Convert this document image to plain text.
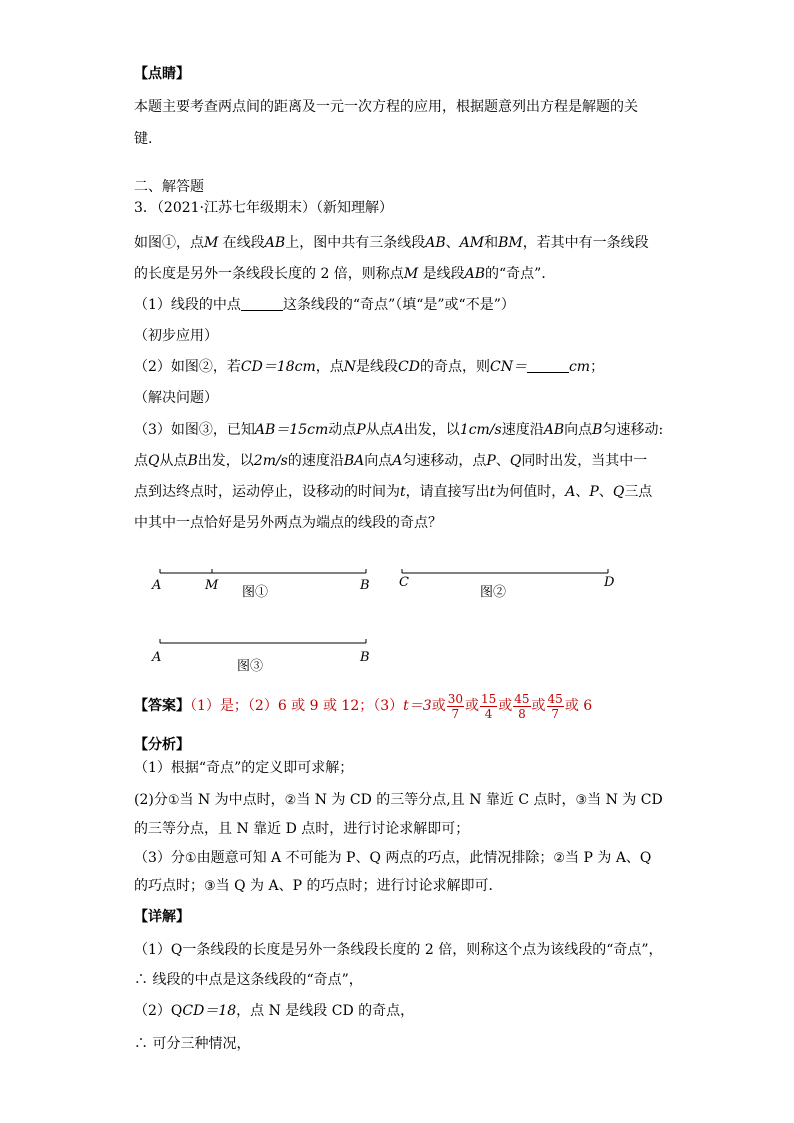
【点睛】
本题主要考查两点间的距离及一元一次方程的应用，根据题意列出方程是解题的关
键.
二、解答题
3．（2021·江苏七年级期末）（新知理解）
如图①，点M 在线段AB上，图中共有三条线段AB、AM和BM，若其中有一条线段
的长度是另外一条线段长度的 2 倍，则称点M 是线段AB的“奇点”．
（1）线段的中点	这条线段的“奇点”（填“是”或“不是”）
（初步应用）
（2）如图②，若CD＝18cm，点N是线段CD的奇点，则CN＝	cm；
（解决问题）
（3）如图③，已知AB＝15cm动点P从点A出发，以1cm/s速度沿AB向点B匀速移动:
点Q从点B出发，以2m/s的速度沿BA向点A匀速移动，点P、Q同时出发，当其中一
点到达终点时，运动停止，设移动的时间为t，请直接写出t为何值时，A、P、Q三点
中其中一点恰好是另外两点为端点的线段的奇点？
A	M	B
图①
C	D
图②
A	B
图③
【答案】（1）是；（2）6 或 9 或 12；（3）t＝3或 $\frac{30}{7}$ 或 $\frac{15}{4}$ 或 $\frac{45}{8}$ 或 $\frac{45}{7}$ 或 6
【分析】
（1）根据“奇点”的定义即可求解；
(2)分①当 N 为中点时，②当 N 为 CD 的三等分点,且 N 靠近 C 点时，③当 N 为 CD
的三等分点，且 N 靠近 D 点时，进行讨论求解即可；
（3）分①由题意可知 A 不可能为 P、Q 两点的巧点，此情况排除；②当 P 为 A、Q
的巧点时；③当 Q 为 A、P 的巧点时；进行讨论求解即可．
【详解】
（1）Q一条线段的长度是另外一条线段长度的 2 倍，则称这个点为该线段的“奇点”，
∴ 线段的中点是这条线段的“奇点”，
（2）QCD＝18，点 N 是线段 CD 的奇点，
∴ 可分三种情况，
